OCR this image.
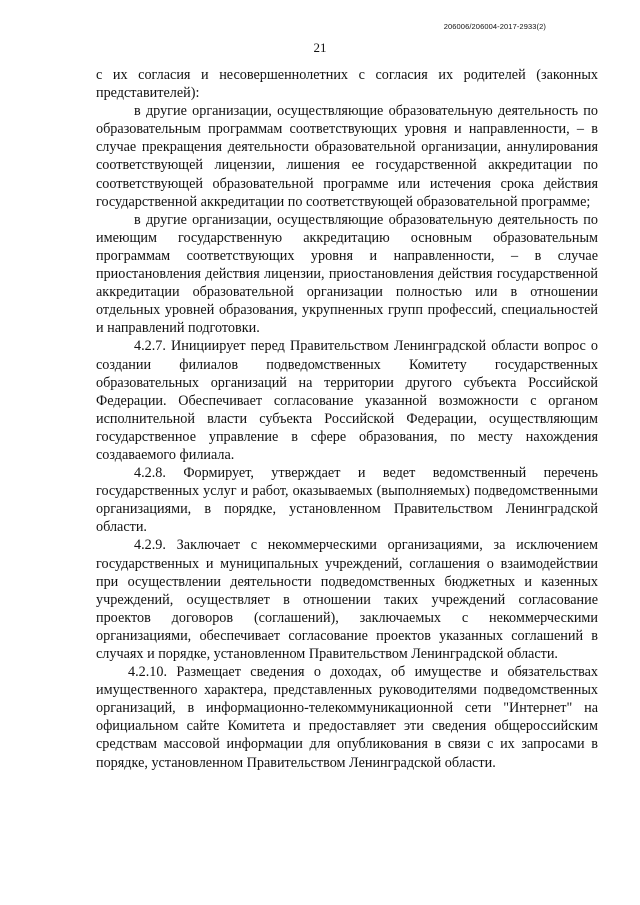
206006/206004-2017-2933(2)
21

с их согласия и несовершеннолетних с согласия их родителей (законных представителей):

в другие организации, осуществляющие образовательную деятельность по образовательным программам соответствующих уровня и направленности, – в случае прекращения деятельности образовательной организации, аннулирования соответствующей лицензии, лишения ее государственной аккредитации по соответствующей образовательной программе или истечения срока действия государственной аккредитации по соответствующей образовательной программе;

в другие организации, осуществляющие образовательную деятельность по имеющим государственную аккредитацию основным образовательным программам соответствующих уровня и направленности, – в случае приостановления действия лицензии, приостановления действия государственной аккредитации образовательной организации полностью или в отношении отдельных уровней образования, укрупненных групп профессий, специальностей и направлений подготовки.

4.2.7. Инициирует перед Правительством Ленинградской области вопрос о создании филиалов подведомственных Комитету государственных образовательных организаций на территории другого субъекта Российской Федерации. Обеспечивает согласование указанной возможности с органом исполнительной власти субъекта Российской Федерации, осуществляющим государственное управление в сфере образования, по месту нахождения создаваемого филиала.

4.2.8. Формирует, утверждает и ведет ведомственный перечень государственных услуг и работ, оказываемых (выполняемых) подведомственными организациями, в порядке, установленном Правительством Ленинградской области.

4.2.9. Заключает с некоммерческими организациями, за исключением государственных и муниципальных учреждений, соглашения о взаимодействии при осуществлении деятельности подведомственных бюджетных и казенных учреждений, осуществляет в отношении таких учреждений согласование проектов договоров (соглашений), заключаемых с некоммерческими организациями, обеспечивает согласование проектов указанных соглашений в случаях и порядке, установленном Правительством Ленинградской области.

4.2.10. Размещает сведения о доходах, об имуществе и обязательствах имущественного характера, представленных руководителями подведомственных организаций, в информационно-телекоммуникационной сети "Интернет" на официальном сайте Комитета и предоставляет эти сведения общероссийским средствам массовой информации для опубликования в связи с их запросами в порядке, установленном Правительством Ленинградской области.
